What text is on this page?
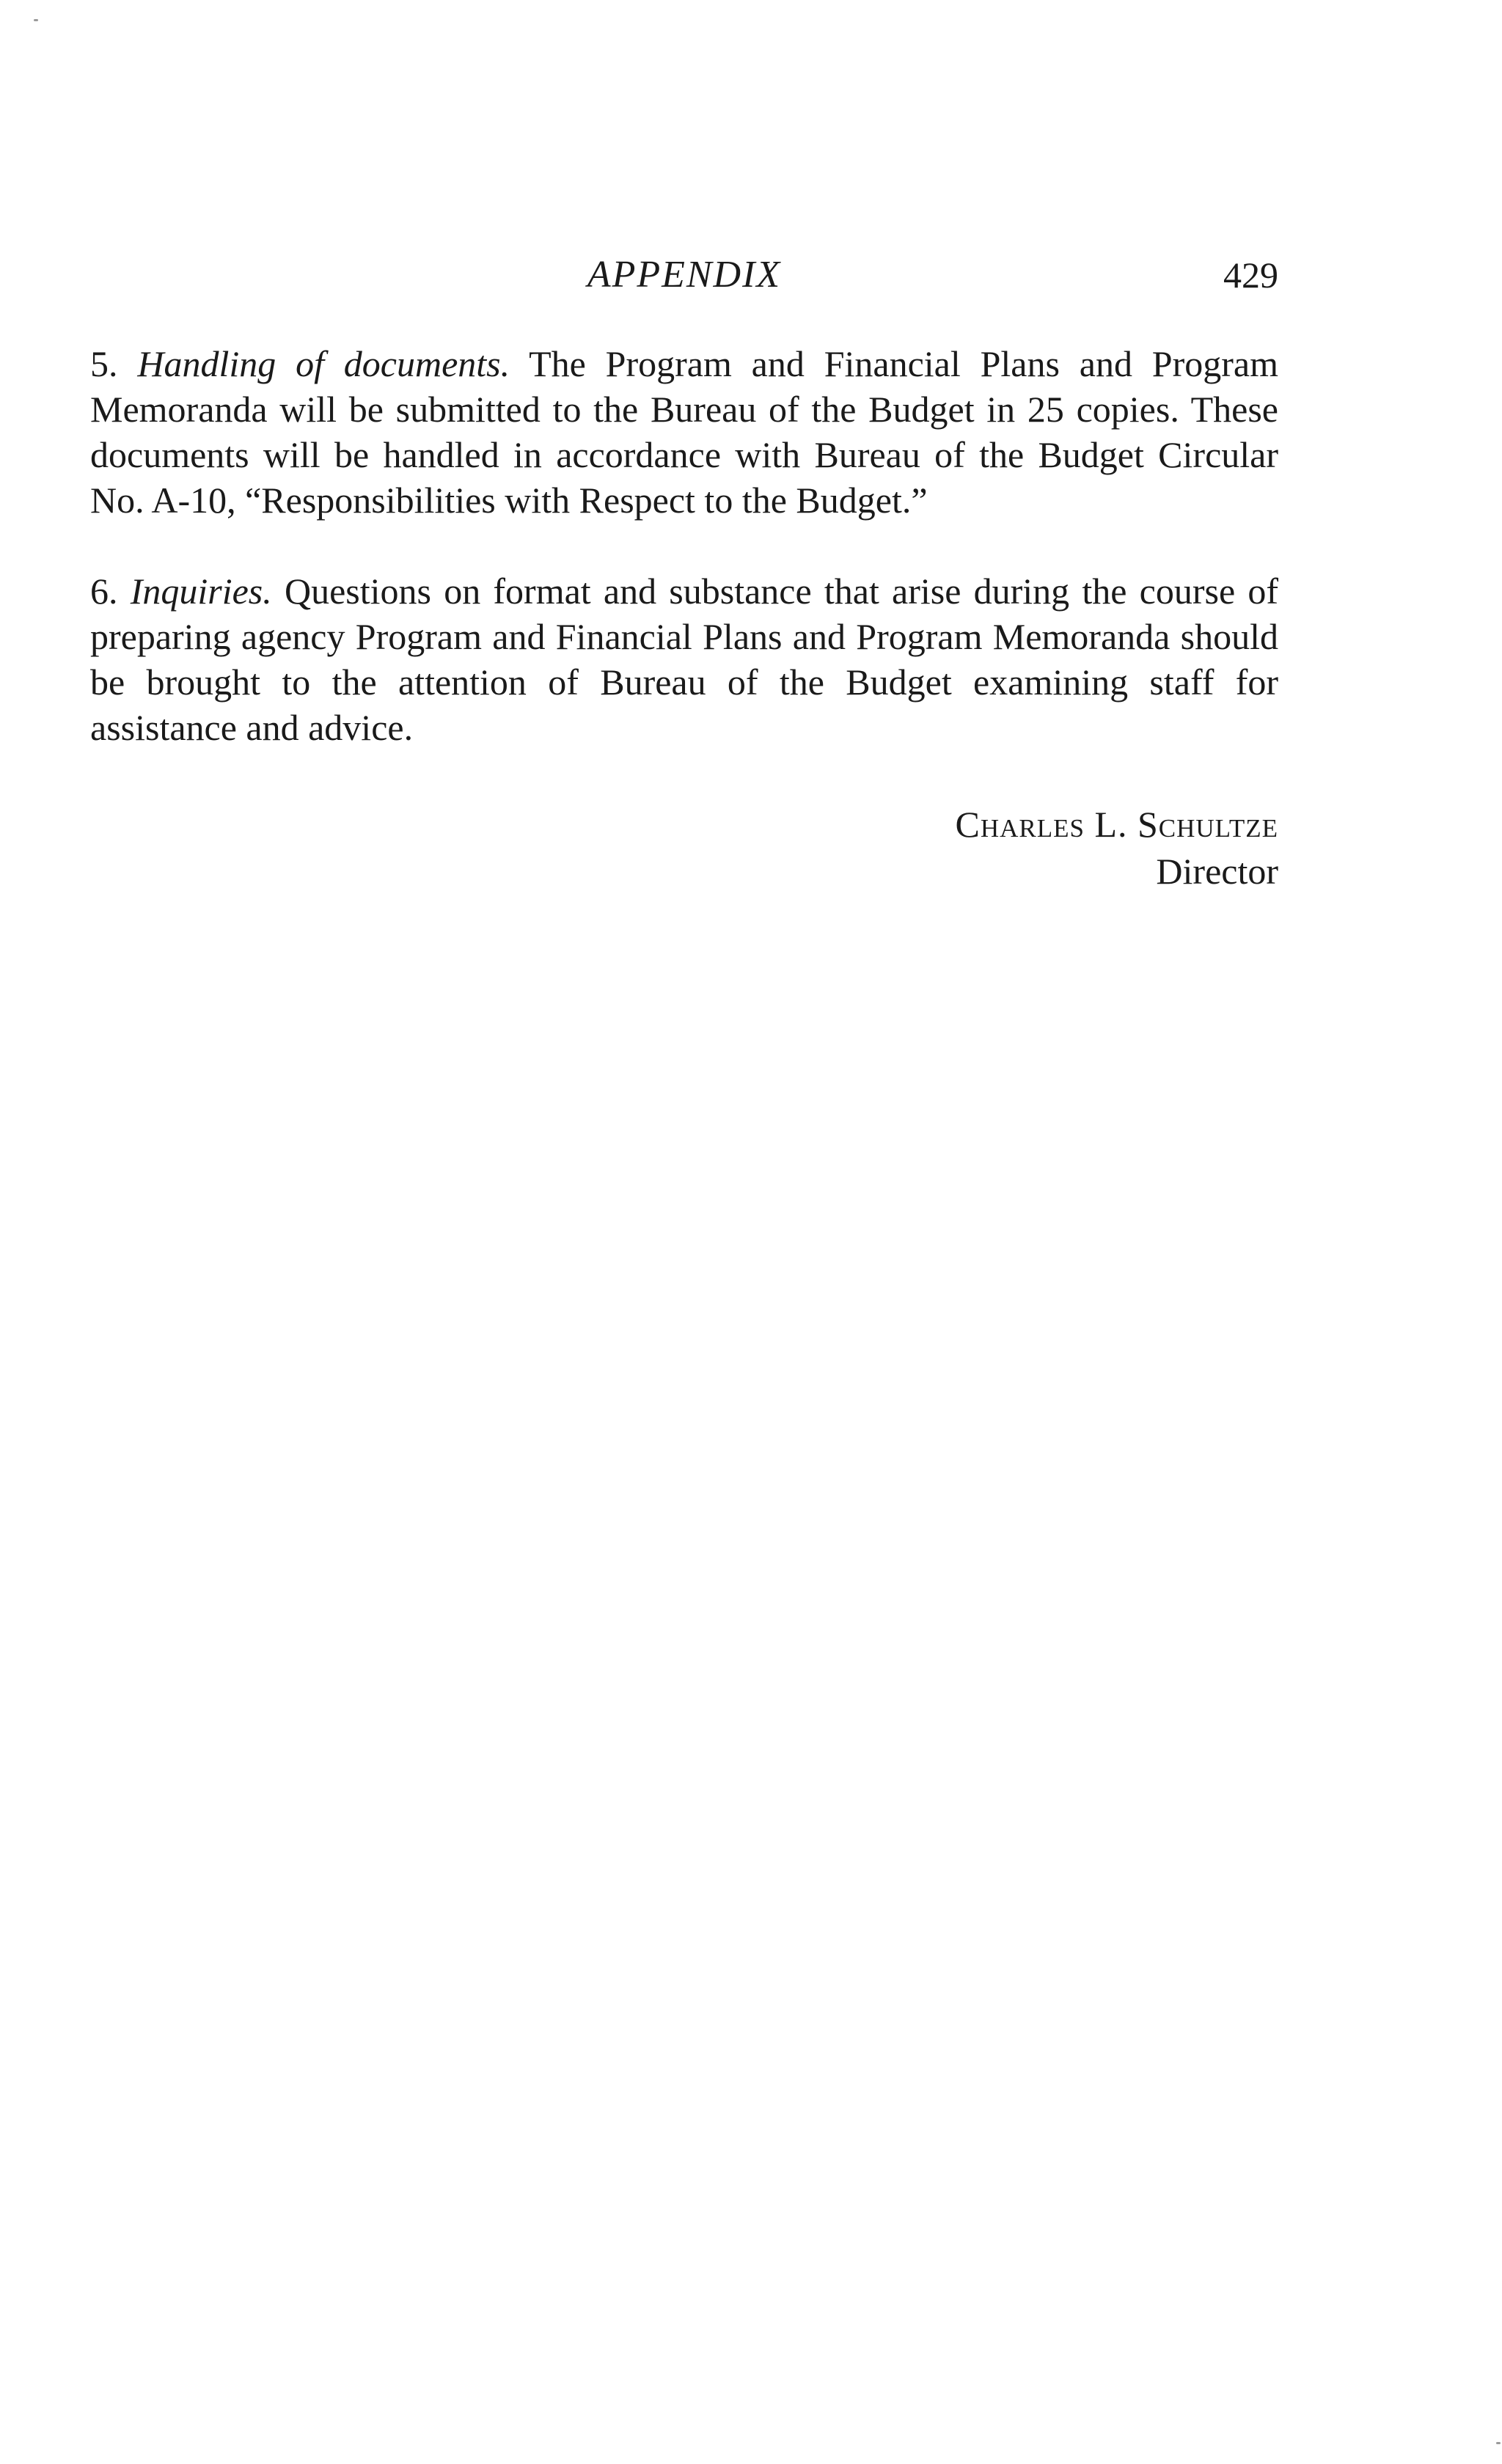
APPENDIX	429

5. Handling of documents. The Program and Financial Plans and Program Memoranda will be submitted to the Bureau of the Budget in 25 copies. These documents will be handled in accordance with Bureau of the Budget Circular No. A-10, “Responsibilities with Respect to the Budget.”

6. Inquiries. Questions on format and substance that arise during the course of preparing agency Program and Financial Plans and Program Memoranda should be brought to the attention of Bureau of the Budget examining staff for assistance and advice.

Charles L. Schultze
Director
